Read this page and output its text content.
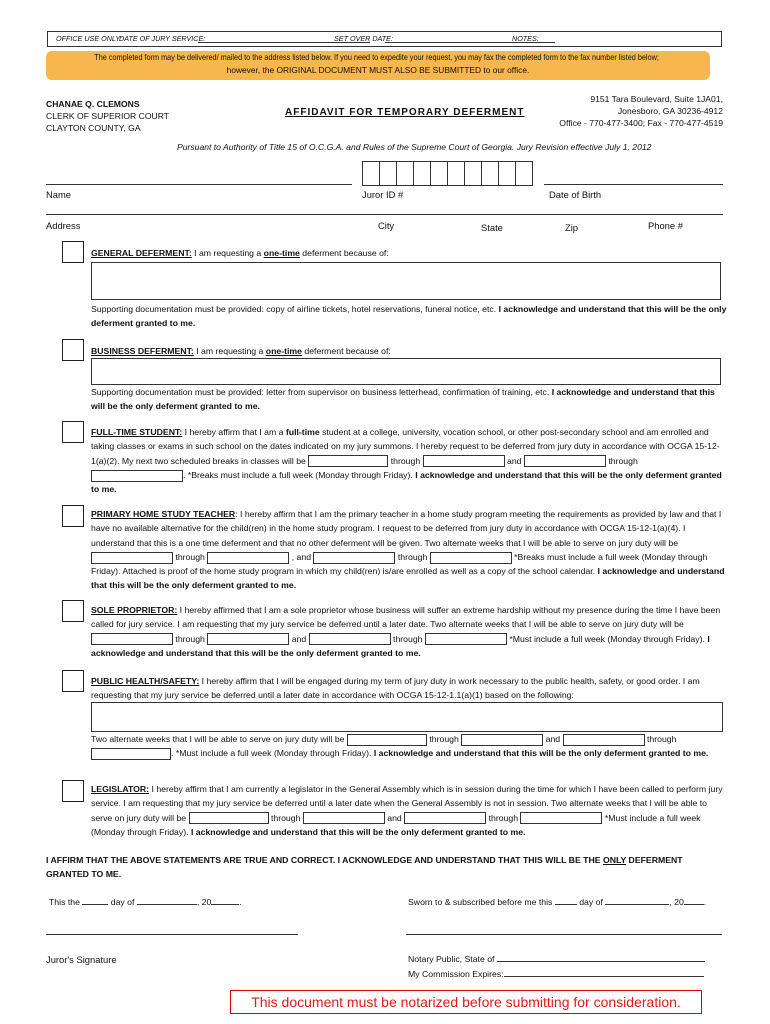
OFFICE USE ONLY:
DATE OF JURY SERVICE:	SET OVER DATE:	NOTES:
The completed form may be delivered/ mailed to the address listed below. If you need to expedite your request, you may fax the completed form to the fax number listed below;
however, the ORIGINAL DOCUMENT MUST ALSO BE SUBMITTED to our office.
CHANAE Q. CLEMONS
CLERK OF SUPERIOR COURT
CLAYTON COUNTY, GA
AFFIDAVIT FOR TEMPORARY DEFERMENT
9151 Tara Boulevard, Suite 1JA01,
Jonesboro, GA 30236-4912
Office - 770-477-3400; Fax - 770-477-4519
Pursuant to Authority of Title 15 of O.C.G.A. and Rules of the Supreme Court of Georgia. Jury Revision effective July 1, 2012
Name	Juror ID #	Date of Birth
Address	City	State	Zip	Phone #
GENERAL DEFERMENT: I am requesting a one-time deferment because of:
Supporting documentation must be provided: copy of airline tickets, hotel reservations, funeral notice, etc. I acknowledge and understand that this will be the only deferment granted to me.
BUSINESS DEFERMENT: I am requesting a one-time deferment because of:
Supporting documentation must be provided: letter from supervisor on business letterhead, confirmation of training, etc. I acknowledge and understand that this will be the only deferment granted to me.
FULL-TIME STUDENT: I hereby affirm that I am a full-time student at a college, university, vocation school, or other post-secondary school and am enrolled and taking classes or exams in such school on the dates indicated on my jury summons. I hereby request to be deferred from jury duty in accordance with OCGA 15-12-1(a)(2). My next two scheduled breaks in classes will be	through	and	through . *Breaks must include a full week (Monday through Friday). I acknowledge and understand that this will be the only deferment granted to me.
PRIMARY HOME STUDY TEACHER: I hereby affirm that I am the primary teacher in a home study program meeting the requirements as provided by law and that I have no available alternative for the child(ren) in the home study program. I request to be deferred from jury duty in accordance with OCGA 15-12-1(a)(4). I understand that this is a one time deferment and that no other deferment will be given. Two alternate weeks that I will be able to serve on jury duty will be  through	, and	through	*Breaks must include a full week (Monday through Friday). Attached is proof of the home study program in which my child(ren) is/are enrolled as well as a copy of the school calendar. I acknowledge and understand that this will be the only deferment granted to me.
SOLE PROPRIETOR: I hereby affirmed that I am a sole proprietor whose business will suffer an extreme hardship without my presence during the time I have been called for jury service. I am requesting that my jury service be deferred until a later date. Two alternate weeks that I will be able to serve on jury duty will be  through	and	through	*Must include a full week (Monday through Friday). I acknowledge and understand that this will be the only deferment granted to me.
PUBLIC HEALTH/SAFETY: I hereby affirm that I will be engaged during my term of jury duty in work necessary to the public health, safety, or good order. I am requesting that my jury service be deferred until a later date in accordance with OCGA 15-12-1.1(a)(1) based on the following:
Two alternate weeks that I will be able to serve on jury duty will be	through	and	through . *Must include a full week (Monday through Friday). I acknowledge and understand that this will be the only deferment granted to me.
LEGISLATOR: I hereby affirm that I am currently a legislator in the General Assembly which is in session during the time for which I have been called to perform jury service. I am requesting that my jury service be deferred until a later date when the General Assembly is not in session. Two alternate weeks that I will be able to serve on jury duty will be	through	and	through	*Must include a full week (Monday through Friday). I acknowledge and understand that this will be the only deferment granted to me.
I AFFIRM THAT THE ABOVE STATEMENTS ARE TRUE AND CORRECT. I ACKNOWLEDGE AND UNDERSTAND THAT THIS WILL BE THE ONLY DEFERMENT GRANTED TO ME.
This the	day of	, 20	.	Sworn to & subscribed before me this	day of	, 20 .
Juror's Signature	Notary Public, State of
My Commission Expires:
This document must be notarized before submitting for consideration.
